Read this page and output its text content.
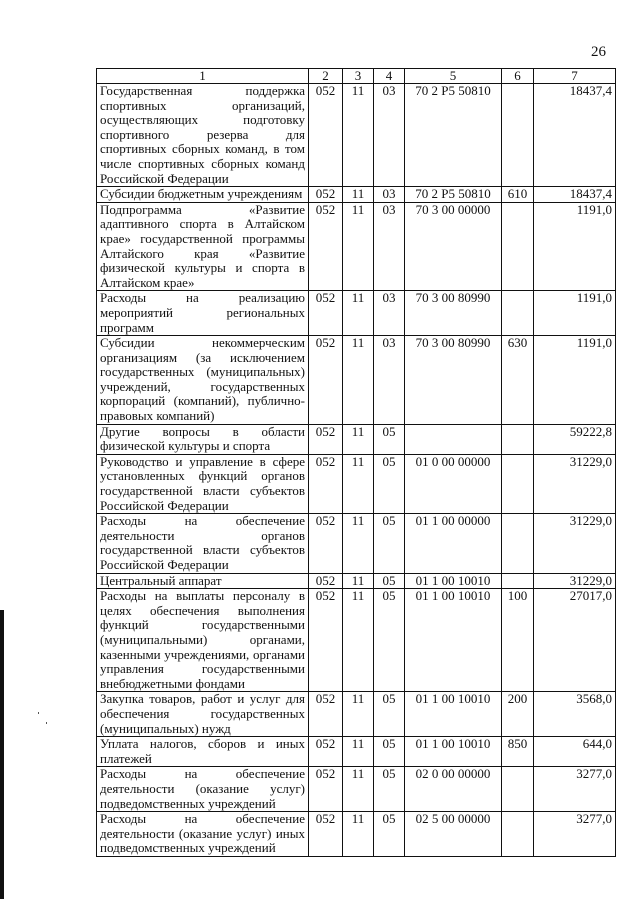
26
1	2	3	4	5	6	7
Государственная поддержка спортивных организаций, осуществляющих подготовку спортивного резерва для спортивных сборных команд, в том числе спортивных сборных команд Российской Федерации	052	11	03	70 2 P5 50810		18437,4
Субсидии бюджетным учреждениям	052	11	03	70 2 P5 50810	610	18437,4
Подпрограмма «Развитие адаптивного спорта в Алтайском крае» государственной программы Алтайского края «Развитие физической культуры и спорта в Алтайском крае»	052	11	03	70 3 00 00000		1191,0
Расходы на реализацию мероприятий региональных программ	052	11	03	70 3 00 80990		1191,0
Субсидии некоммерческим организациям (за исключением государственных (муниципальных) учреждений, государственных корпораций (компаний), публично-правовых компаний)	052	11	03	70 3 00 80990	630	1191,0
Другие вопросы в области физической культуры и спорта	052	11	05			59222,8
Руководство и управление в сфере установленных функций органов государственной власти субъектов Российской Федерации	052	11	05	01 0 00 00000		31229,0
Расходы на обеспечение деятельности органов государственной власти субъектов Российской Федерации	052	11	05	01 1 00 00000		31229,0
Центральный аппарат	052	11	05	01 1 00 10010		31229,0
Расходы на выплаты персоналу в целях обеспечения выполнения функций государственными (муниципальными) органами, казенными учреждениями, органами управления государственными внебюджетными фондами	052	11	05	01 1 00 10010	100	27017,0
Закупка товаров, работ и услуг для обеспечения государственных (муниципальных) нужд	052	11	05	01 1 00 10010	200	3568,0
Уплата налогов, сборов и иных платежей	052	11	05	01 1 00 10010	850	644,0
Расходы на обеспечение деятельности (оказание услуг) подведомственных учреждений	052	11	05	02 0 00 00000		3277,0
Расходы на обеспечение деятельности (оказание услуг) иных подведомственных учреждений	052	11	05	02 5 00 00000		3277,0
